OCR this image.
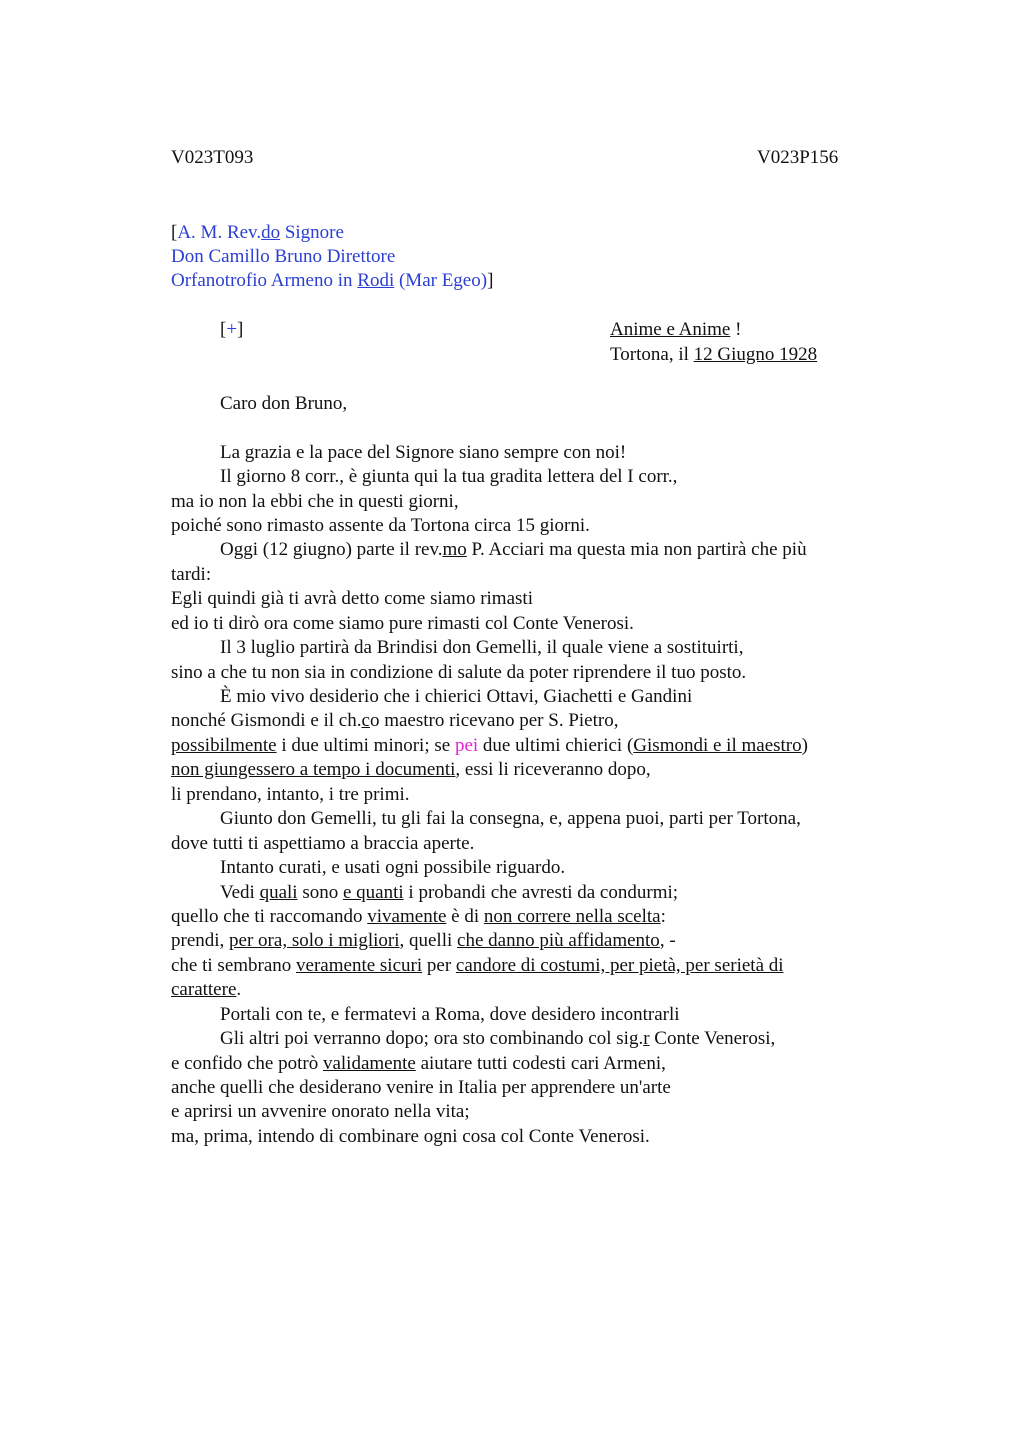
V023T093	V023P156
[A. M. Rev.do Signore
Don Camillo Bruno Direttore
Orfanotrofio Armeno in Rodi (Mar Egeo)]
[+]	Anime e Anime !
Tortona, il 12 Giugno 1928
Caro don Bruno,
La grazia e la pace del Signore siano sempre con noi!
Il giorno 8 corr., è giunta qui la tua gradita lettera del I corr.,
ma io non la ebbi che in questi giorni,
poiché sono rimasto assente da Tortona circa 15 giorni.
Oggi (12 giugno) parte il rev.mo P. Acciari ma questa mia non partirà che più
tardi:
Egli quindi già ti avrà detto come siamo rimasti
ed io ti dirò ora come siamo pure rimasti col Conte Venerosi.
Il 3 luglio partirà da Brindisi don Gemelli, il quale viene a sostituirti,
sino a che tu non sia in condizione di salute da poter riprendere il tuo posto.
È mio vivo desiderio che i chierici Ottavi, Giachetti e Gandini
nonché Gismondi e il ch.co maestro ricevano per S. Pietro,
possibilmente i due ultimi minori; se pei due ultimi chierici (Gismondi e il maestro)
non giungessero a tempo i documenti, essi li riceveranno dopo,
li prendano, intanto, i tre primi.
Giunto don Gemelli, tu gli fai la consegna, e, appena puoi, parti per Tortona,
dove tutti ti aspettiamo a braccia aperte.
Intanto curati, e usati ogni possibile riguardo.
Vedi quali sono e quanti i probandi che avresti da condurmi;
quello che ti raccomando vivamente è di non correre nella scelta:
prendi, per ora, solo i migliori, quelli che danno più affidamento, -
che ti sembrano veramente sicuri per candore di costumi, per pietà, per serietà di
carattere.
Portali con te, e fermatevi a Roma, dove desidero incontrarli
Gli altri poi verranno dopo; ora sto combinando col sig.r Conte Venerosi,
e confido che potrò validamente aiutare tutti codesti cari Armeni,
anche quelli che desiderano venire in Italia per apprendere un'arte
e aprirsi un avvenire onorato nella vita;
ma, prima, intendo di combinare ogni cosa col Conte Venerosi.
